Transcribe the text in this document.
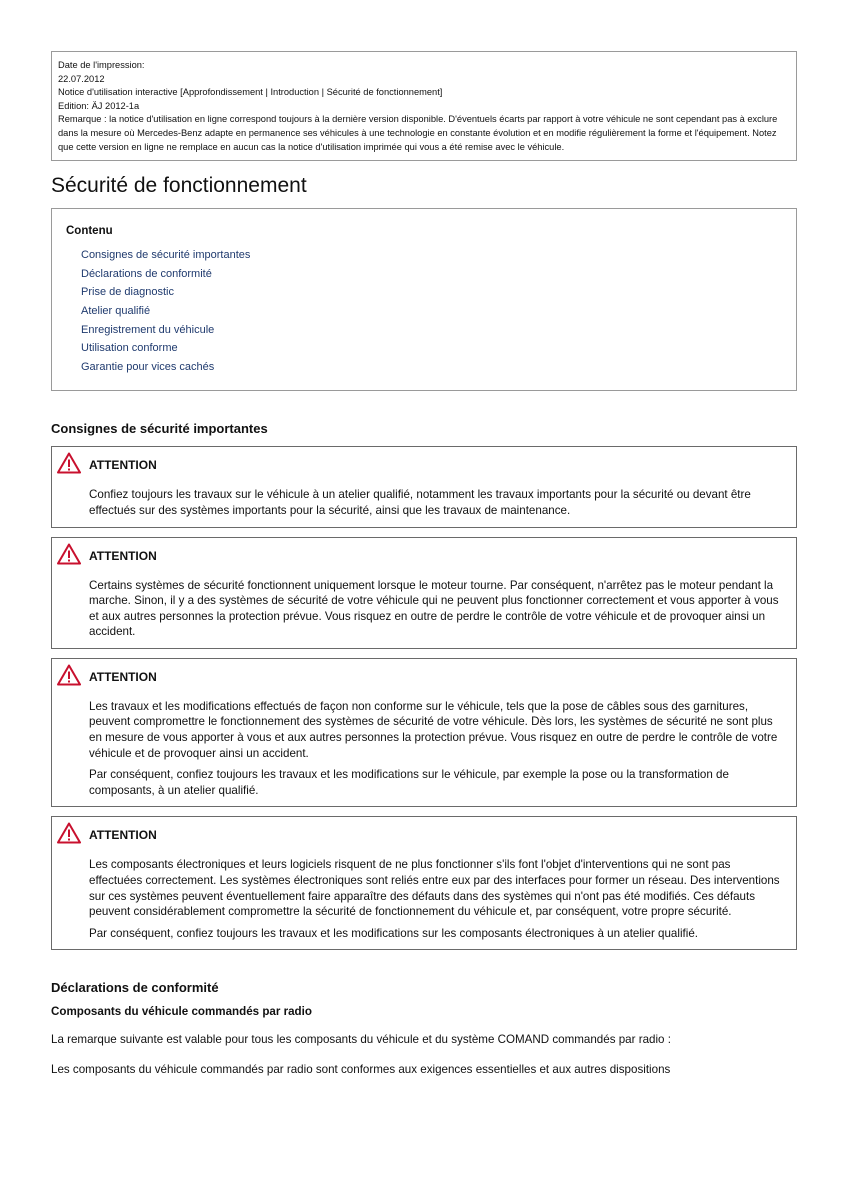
Date de l'impression:
22.07.2012
Notice d'utilisation interactive [Approfondissement | Introduction | Sécurité de fonctionnement]
Edition: ÄJ 2012-1a
Remarque : la notice d'utilisation en ligne correspond toujours à la dernière version disponible. D'éventuels écarts par rapport à votre véhicule ne sont cependant pas à exclure dans la mesure où Mercedes-Benz adapte en permanence ses véhicules à une technologie en constante évolution et en modifie régulièrement la forme et l'équipement. Notez que cette version en ligne ne remplace en aucun cas la notice d'utilisation imprimée qui vous a été remise avec le véhicule.
Sécurité de fonctionnement
Contenu
Consignes de sécurité importantes
Déclarations de conformité
Prise de diagnostic
Atelier qualifié
Enregistrement du véhicule
Utilisation conforme
Garantie pour vices cachés
Consignes de sécurité importantes
ATTENTION

Confiez toujours les travaux sur le véhicule à un atelier qualifié, notamment les travaux importants pour la sécurité ou devant être effectués sur des systèmes importants pour la sécurité, ainsi que les travaux de maintenance.

ATTENTION

Certains systèmes de sécurité fonctionnent uniquement lorsque le moteur tourne. Par conséquent, n'arrêtez pas le moteur pendant la marche. Sinon, il y a des systèmes de sécurité de votre véhicule qui ne peuvent plus fonctionner correctement et vous apporter à vous et aux autres personnes la protection prévue. Vous risquez en outre de perdre le contrôle de votre véhicule et de provoquer ainsi un accident.

ATTENTION

Les travaux et les modifications effectués de façon non conforme sur le véhicule, tels que la pose de câbles sous des garnitures, peuvent compromettre le fonctionnement des systèmes de sécurité de votre véhicule. Dès lors, les systèmes de sécurité ne sont plus en mesure de vous apporter à vous et aux autres personnes la protection prévue. Vous risquez en outre de perdre le contrôle de votre véhicule et de provoquer ainsi un accident.

Par conséquent, confiez toujours les travaux et les modifications sur le véhicule, par exemple la pose ou la transformation de composants, à un atelier qualifié.

ATTENTION

Les composants électroniques et leurs logiciels risquent de ne plus fonctionner s'ils font l'objet d'interventions qui ne sont pas effectuées correctement. Les systèmes électroniques sont reliés entre eux par des interfaces pour former un réseau. Des interventions sur ces systèmes peuvent éventuellement faire apparaître des défauts dans des systèmes qui n'ont pas été modifiés. Ces défauts peuvent considérablement compromettre la sécurité de fonctionnement du véhicule et, par conséquent, votre propre sécurité.

Par conséquent, confiez toujours les travaux et les modifications sur les composants électroniques à un atelier qualifié.

Déclarations de conformité
Composants du véhicule commandés par radio

La remarque suivante est valable pour tous les composants du véhicule et du système COMAND commandés par radio :

Les composants du véhicule commandés par radio sont conformes aux exigences essentielles et aux autres dispositions
